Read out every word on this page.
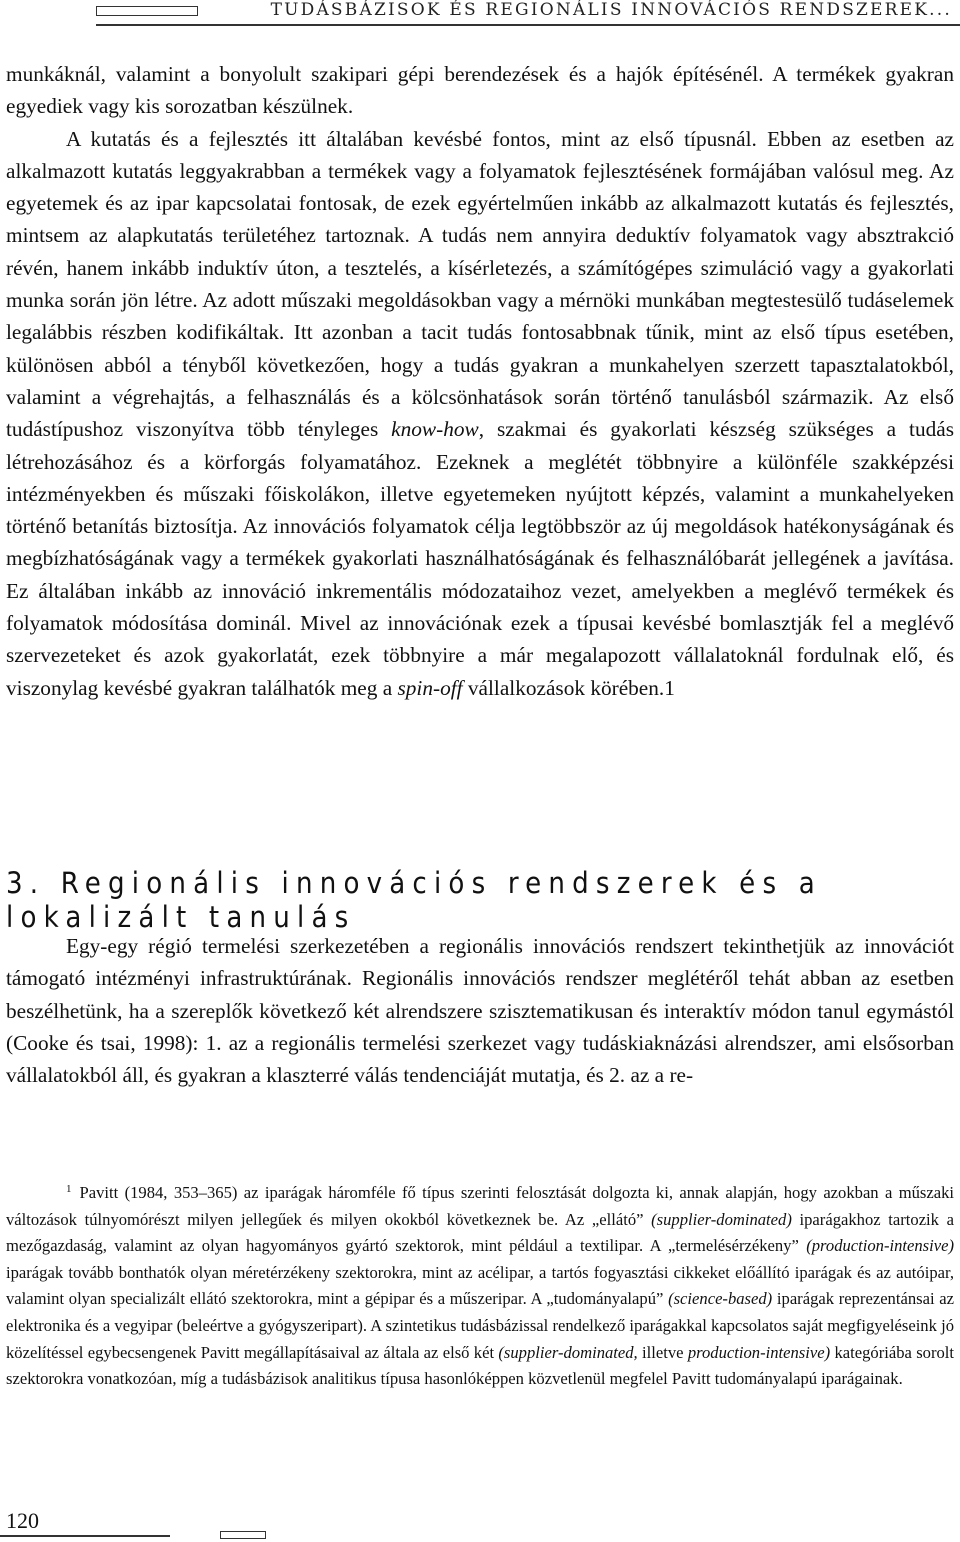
TUDÁSBÁZISOK ÉS REGIONÁLIS INNOVÁCIÓS RENDSZEREK...

munkáknál, valamint a bonyolult szakipari gépi berendezések és a hajók építésénél. A termékek gyakran egyediek vagy kis sorozatban készülnek.

A kutatás és a fejlesztés itt általában kevésbé fontos, mint az első típusnál. Ebben az esetben az alkalmazott kutatás leggyakrabban a termékek vagy a folyamatok fejlesztésének formájában valósul meg. Az egyetemek és az ipar kapcsolatai fontosak, de ezek egyértelműen inkább az alkalmazott kutatás és fejlesztés, mintsem az alapkutatás területéhez tartoznak. A tudás nem annyira deduktív folyamatok vagy absztrakció révén, hanem inkább induktív úton, a tesztelés, a kísérletezés, a számítógépes szimuláció vagy a gyakorlati munka során jön létre. Az adott műszaki megoldásokban vagy a mérnöki munkában megtestesülő tudáselemek legalábbis részben kodifikáltak. Itt azonban a tacit tudás fontosabbnak tűnik, mint az első típus esetében, különösen abból a tényből következően, hogy a tudás gyakran a munkahelyen szerzett tapasztalatokból, valamint a végrehajtás, a felhasználás és a kölcsönhatások során történő tanulásból származik. Az első tudástípushoz viszonyítva több tényleges know-how, szakmai és gyakorlati készség szükséges a tudás létrehozásához és a körforgás folyamatához. Ezeknek a meglétét többnyire a különféle szakképzési intézményekben és műszaki főiskolákon, illetve egyetemeken nyújtott képzés, valamint a munkahelyeken történő betanítás biztosítja. Az innovációs folyamatok célja legtöbbször az új megoldások hatékonyságának és megbízhatóságának vagy a termékek gyakorlati használhatóságának és felhasználóbarát jellegének a javítása. Ez általában inkább az innováció inkrementális módozataihoz vezet, amelyekben a meglévő termékek és folyamatok módosítása dominál. Mivel az innovációnak ezek a típusai kevésbé bomlasztják fel a meglévő szervezeteket és azok gyakorlatát, ezek többnyire a már megalapozott vállalatoknál fordulnak elő, és viszonylag kevésbé gyakran találhatók meg a spin-off vállalkozások körében.1

3. Regionális innovációs rendszerek és a lokalizált tanulás

Egy-egy régió termelési szerkezetében a regionális innovációs rendszert tekinthetjük az innovációt támogató intézményi infrastruktúrának. Regionális innovációs rendszer meglétéről tehát abban az esetben beszélhetünk, ha a szereplők következő két alrendszere szisztematikusan és interaktív módon tanul egymástól (Cooke és tsai, 1998): 1. az a regionális termelési szerkezet vagy tudáskiaknázási alrendszer, ami elsősorban vállalatokból áll, és gyakran a klaszterré válás tendenciáját mutatja, és 2. az a re-

$^1$ Pavitt (1984, 353–365) az iparágak háromféle fő típus szerinti felosztását dolgozta ki, annak alapján, hogy azokban a műszaki változások túlnyomórészt milyen jellegűek és milyen okokból következnek be. Az „ellátó” (supplier-dominated) iparágakhoz tartozik a mezőgazdaság, valamint az olyan hagyományos gyártó szektorok, mint például a textilipar. A „termelésérzékeny” (production-intensive) iparágak tovább bonthatók olyan méretérzékeny szektorokra, mint az acélipar, a tartós fogyasztási cikkeket előállító iparágak és az autóipar, valamint olyan specializált ellátó szektorokra, mint a gépipar és a műszeripar. A „tudományalapú” (science-based) iparágak reprezentánsai az elektronika és a vegyipar (beleértve a gyógyszeripart). A szintetikus tudásbázissal rendelkező iparágakkal kapcsolatos saját megfigyeléseink jó közelítéssel egybecsengenek Pavitt megállapításaival az általa az első két (supplier-dominated, illetve production-intensive) kategóriába sorolt szektorokra vonatkozóan, míg a tudásbázisok analitikus típusa hasonlóképpen közvetlenül megfelel Pavitt tudományalapú iparágainak.

120
